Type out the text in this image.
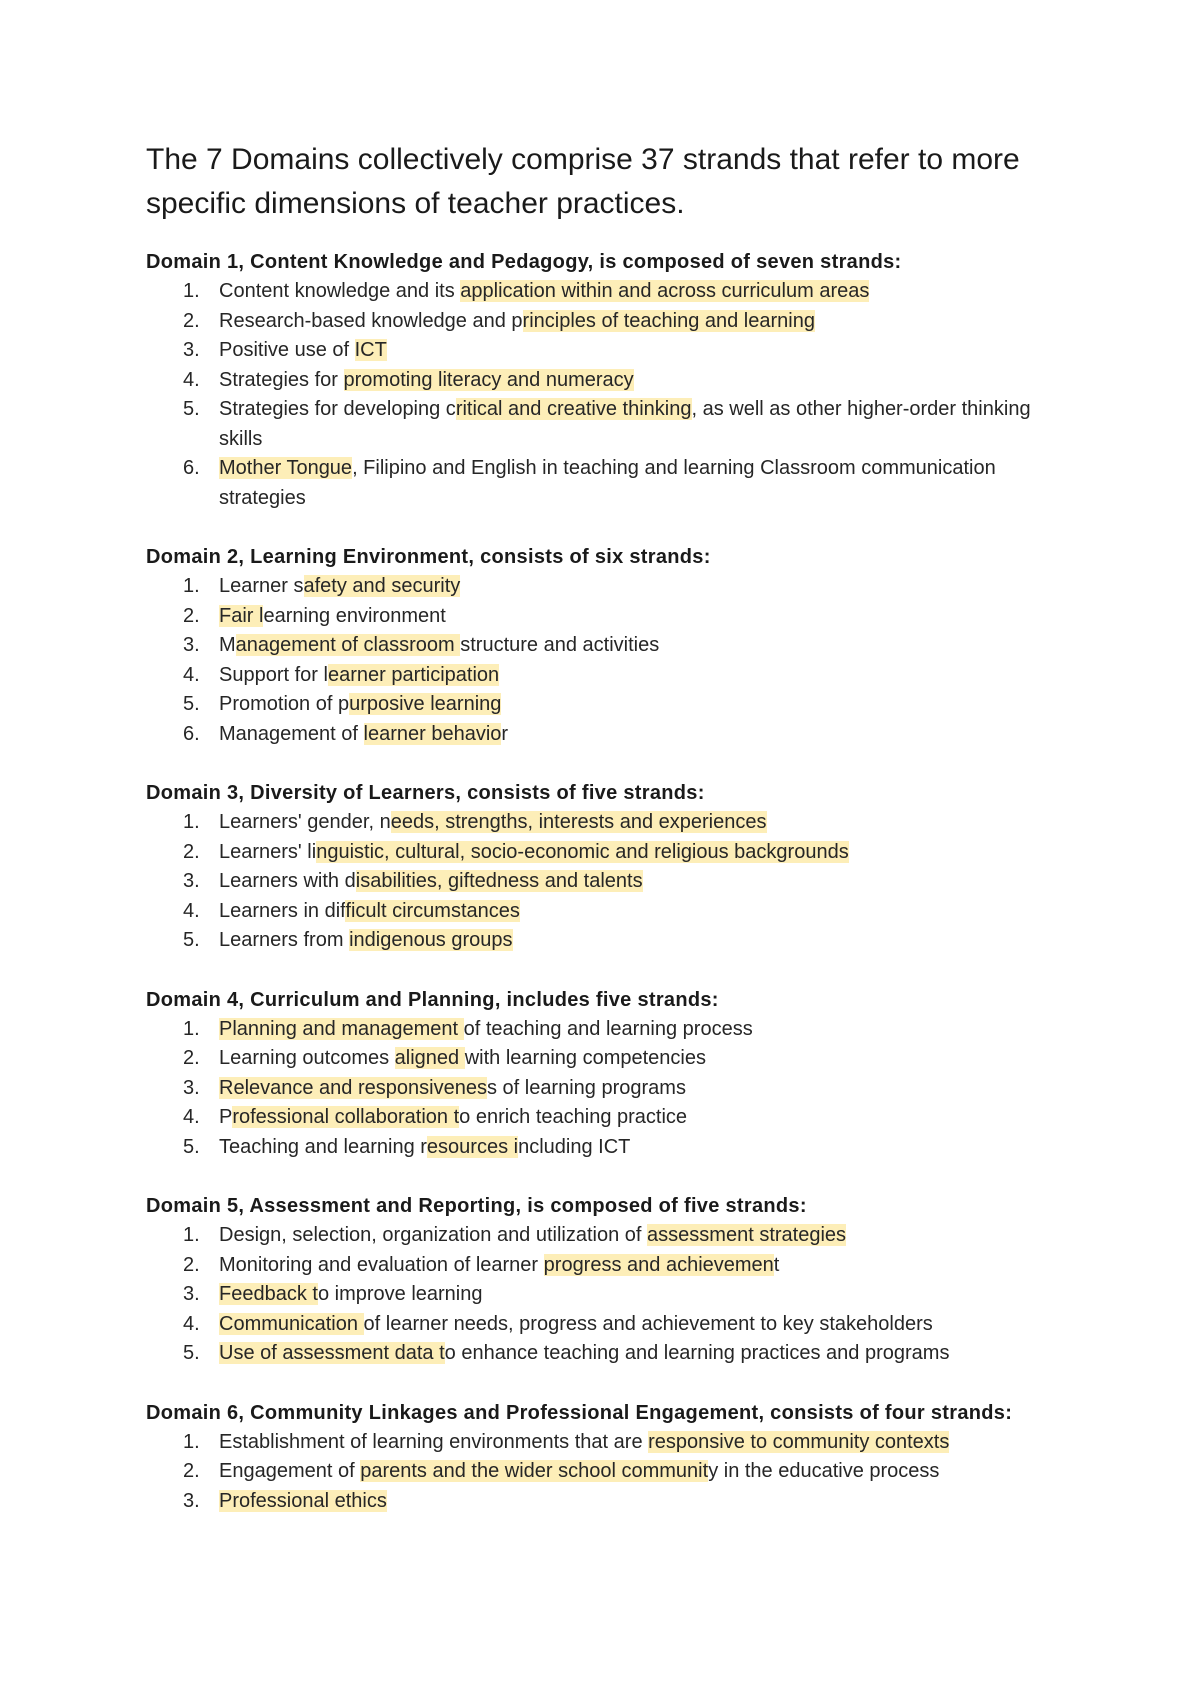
The 7 Domains collectively comprise 37 strands that refer to more specific dimensions of teacher practices.

Domain 1, Content Knowledge and Pedagogy, is composed of seven strands:

1. Content knowledge and its application within and across curriculum areas
2. Research-based knowledge and principles of teaching and learning
3. Positive use of ICT
4. Strategies for promoting literacy and numeracy
5. Strategies for developing critical and creative thinking, as well as other higher-order thinking skills
6. Mother Tongue, Filipino and English in teaching and learning Classroom communication strategies

Domain 2, Learning Environment, consists of six strands:

1. Learner safety and security
2. Fair learning environment
3. Management of classroom structure and activities
4. Support for learner participation
5. Promotion of purposive learning
6. Management of learner behavior

Domain 3, Diversity of Learners, consists of five strands:

1. Learners' gender, needs, strengths, interests and experiences
2. Learners' linguistic, cultural, socio-economic and religious backgrounds
3. Learners with disabilities, giftedness and talents
4. Learners in difficult circumstances
5. Learners from indigenous groups

Domain 4, Curriculum and Planning, includes five strands:

1. Planning and management of teaching and learning process
2. Learning outcomes aligned with learning competencies
3. Relevance and responsiveness of learning programs
4. Professional collaboration to enrich teaching practice
5. Teaching and learning resources including ICT

Domain 5, Assessment and Reporting, is composed of five strands:

1. Design, selection, organization and utilization of assessment strategies
2. Monitoring and evaluation of learner progress and achievement
3. Feedback to improve learning
4. Communication of learner needs, progress and achievement to key stakeholders
5. Use of assessment data to enhance teaching and learning practices and programs

Domain 6, Community Linkages and Professional Engagement, consists of four strands:

1. Establishment of learning environments that are responsive to community contexts
2. Engagement of parents and the wider school community in the educative process
3. Professional ethics
